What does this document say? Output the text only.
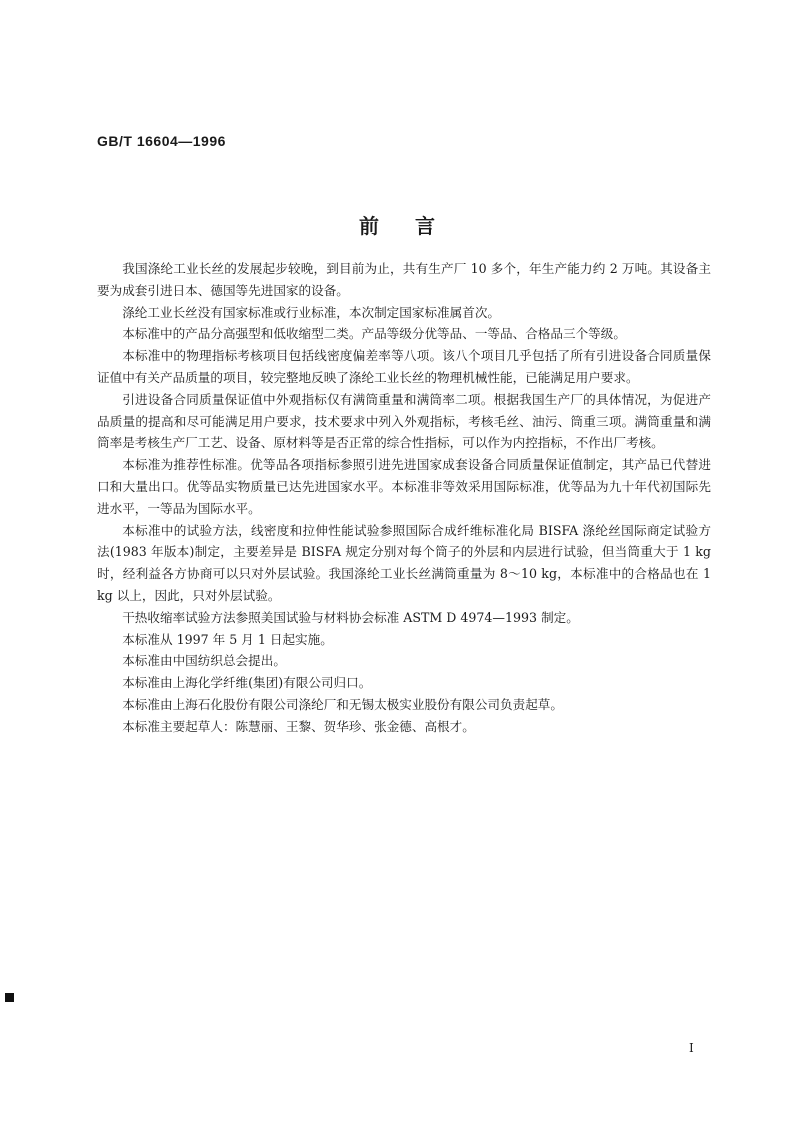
GB/T 16604—1996
前言

我国涤纶工业长丝的发展起步较晚，到目前为止，共有生产厂 10 多个，年生产能力约 2 万吨。其设备主要为成套引进日本、德国等先进国家的设备。

涤纶工业长丝没有国家标准或行业标准，本次制定国家标准属首次。

本标准中的产品分高强型和低收缩型二类。产品等级分优等品、一等品、合格品三个等级。

本标准中的物理指标考核项目包括线密度偏差率等八项。该八个项目几乎包括了所有引进设备合同质量保证值中有关产品质量的项目，较完整地反映了涤纶工业长丝的物理机械性能，已能满足用户要求。

引进设备合同质量保证值中外观指标仅有满筒重量和满筒率二项。根据我国生产厂的具体情况，为促进产品质量的提高和尽可能满足用户要求，技术要求中列入外观指标，考核毛丝、油污、筒重三项。满筒重量和满筒率是考核生产厂工艺、设备、原材料等是否正常的综合性指标，可以作为内控指标，不作出厂考核。

本标准为推荐性标准。优等品各项指标参照引进先进国家成套设备合同质量保证值制定，其产品已代替进口和大量出口。优等品实物质量已达先进国家水平。本标准非等效采用国际标准，优等品为九十年代初国际先进水平，一等品为国际水平。

本标准中的试验方法，线密度和拉伸性能试验参照国际合成纤维标准化局 BISFA 涤纶丝国际商定试验方法(1983 年版本)制定，主要差异是 BISFA 规定分别对每个筒子的外层和内层进行试验，但当筒重大于 1 kg 时，经利益各方协商可以只对外层试验。我国涤纶工业长丝满筒重量为 8～10 kg，本标准中的合格品也在 1 kg 以上，因此，只对外层试验。

干热收缩率试验方法参照美国试验与材料协会标准 ASTM D 4974—1993 制定。

本标准从 1997 年 5 月 1 日起实施。

本标准由中国纺织总会提出。

本标准由上海化学纤维(集团)有限公司归口。

本标准由上海石化股份有限公司涤纶厂和无锡太极实业股份有限公司负责起草。

本标准主要起草人：陈慧丽、王黎、贺华珍、张金德、高根才。

I
